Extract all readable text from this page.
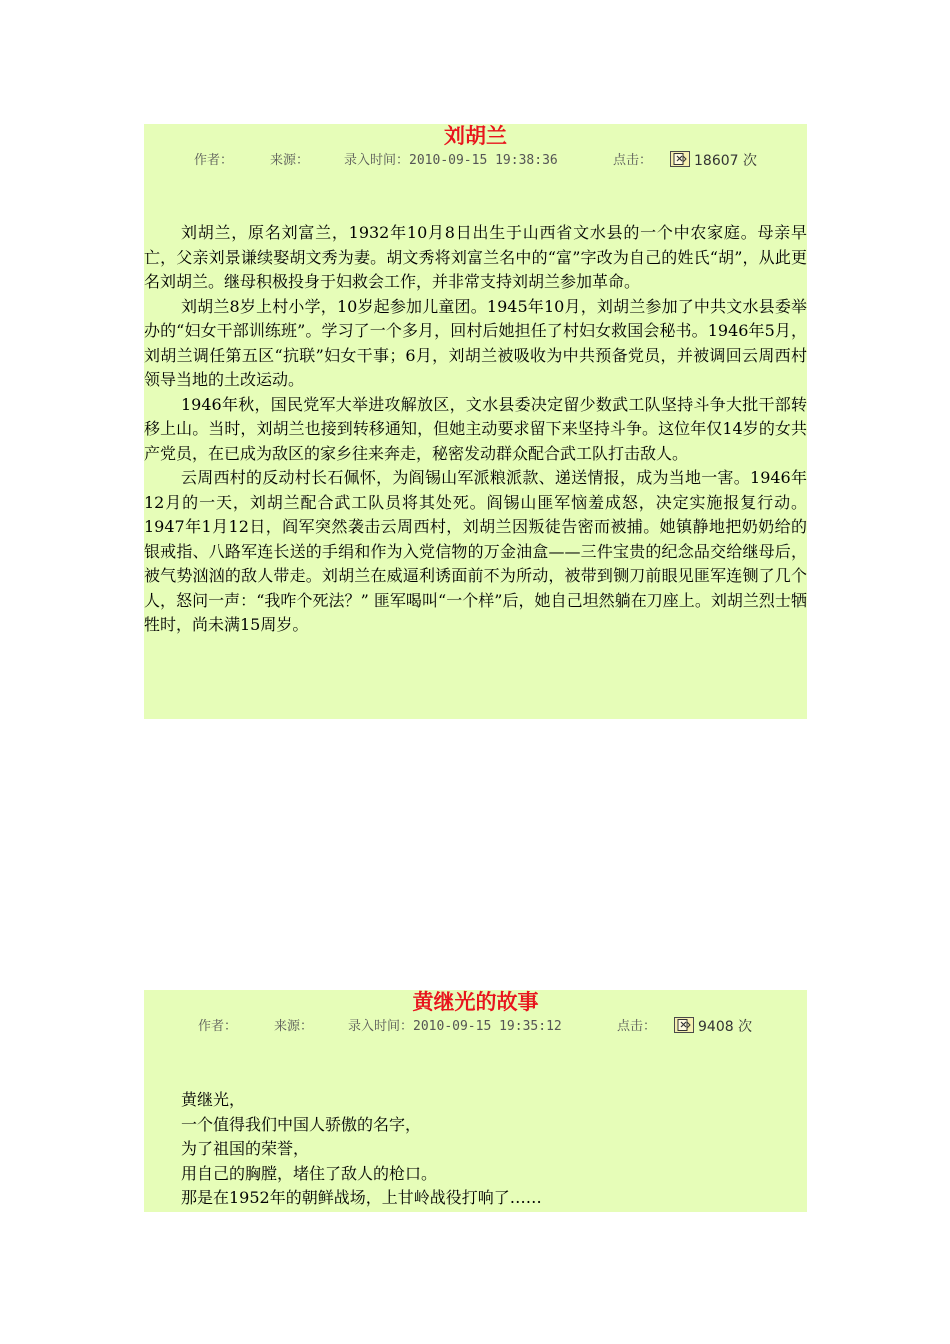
刘胡兰
作者：	来源：	录入时间：2010-09-15 19:38:36	点击：	18607 次

刘胡兰，原名刘富兰，1932年10月8日出生于山西省文水县的一个中农家庭。母亲早亡，父亲刘景谦续娶胡文秀为妻。胡文秀将刘富兰名中的“富”字改为自己的姓氏“胡”，从此更名刘胡兰。继母积极投身于妇救会工作，并非常支持刘胡兰参加革命。

刘胡兰8岁上村小学，10岁起参加儿童团。1945年10月，刘胡兰参加了中共文水县委举办的“妇女干部训练班”。学习了一个多月，回村后她担任了村妇女救国会秘书。1946年5月，刘胡兰调任第五区“抗联”妇女干事；6月，刘胡兰被吸收为中共预备党员，并被调回云周西村领导当地的土改运动。

1946年秋，国民党军大举进攻解放区，文水县委决定留少数武工队坚持斗争大批干部转移上山。当时，刘胡兰也接到转移通知，但她主动要求留下来坚持斗争。这位年仅14岁的女共产党员，在已成为敌区的家乡往来奔走，秘密发动群众配合武工队打击敌人。

云周西村的反动村长石佩怀，为阎锡山军派粮派款、递送情报，成为当地一害。1946年12月的一天，刘胡兰配合武工队员将其处死。阎锡山匪军恼羞成怒，决定实施报复行动。1947年1月12日，阎军突然袭击云周西村，刘胡兰因叛徒告密而被捕。她镇静地把奶奶给的银戒指、八路军连长送的手绢和作为入党信物的万金油盒——三件宝贵的纪念品交给继母后，被气势汹汹的敌人带走。刘胡兰在威逼利诱面前不为所动，被带到铡刀前眼见匪军连铡了几个人，怒问一声：“我咋个死法？” 匪军喝叫“一个样”后，她自己坦然躺在刀座上。刘胡兰烈士牺牲时，尚未满15周岁。

黄继光的故事
作者：	来源：	录入时间：2010-09-15 19:35:12	点击：	9408 次

黄继光，

一个值得我们中国人骄傲的名字，

为了祖国的荣誉，

用自己的胸膛，堵住了敌人的枪口。

那是在1952年的朝鲜战场，上甘岭战役打响了……
